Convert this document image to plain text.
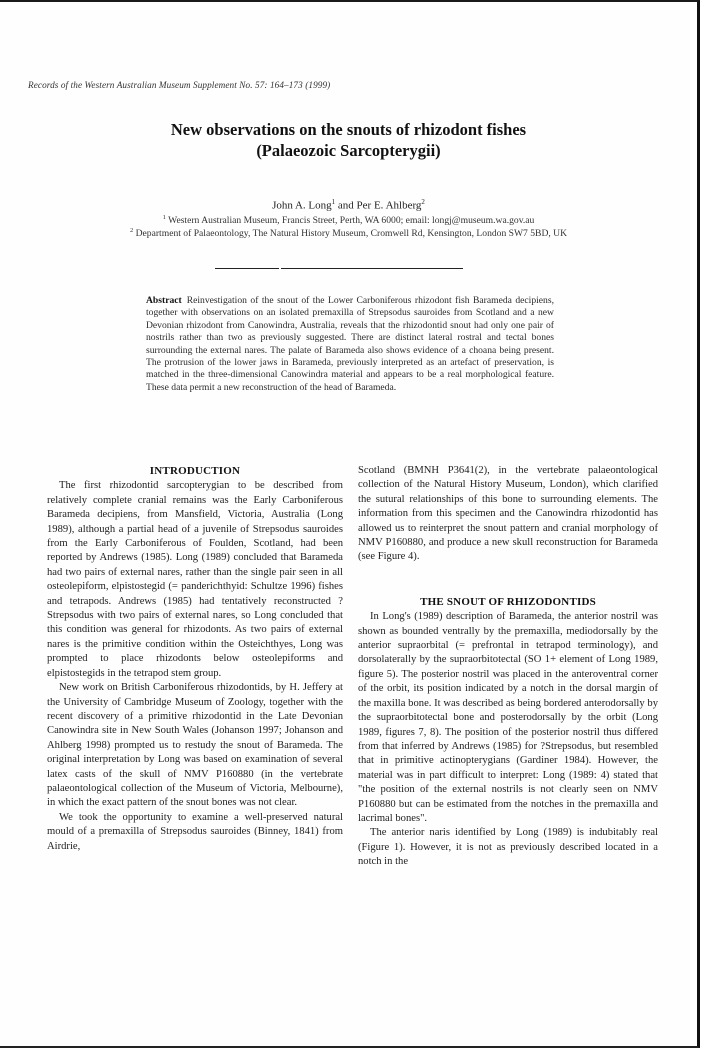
Records of the Western Australian Museum Supplement No. 57: 164–173 (1999)
New observations on the snouts of rhizodont fishes
(Palaeozoic Sarcopterygii)
John A. Long$^1$ and Per E. Ahlberg$^2$
$^1$ Western Australian Museum, Francis Street, Perth, WA 6000; email: longj@museum.wa.gov.au
$^2$ Department of Palaeontology, The Natural History Museum, Cromwell Rd, Kensington, London SW7 5BD, UK
Abstract Reinvestigation of the snout of the Lower Carboniferous rhizodont fish Barameda decipiens, together with observations on an isolated premaxilla of Strepsodus sauroides from Scotland and a new Devonian rhizodont from Canowindra, Australia, reveals that the rhizodontid snout had only one pair of nostrils rather than two as previously suggested. There are distinct lateral rostral and tectal bones surrounding the external nares. The palate of Barameda also shows evidence of a choana being present. The protrusion of the lower jaws in Barameda, previously interpreted as an artefact of preservation, is matched in the three-dimensional Canowindra material and appears to be a real morphological feature. These data permit a new reconstruction of the head of Barameda.
INTRODUCTION

The first rhizodontid sarcopterygian to be described from relatively complete cranial remains was the Early Carboniferous Barameda decipiens, from Mansfield, Victoria, Australia (Long 1989), although a partial head of a juvenile of Strepsodus sauroides from the Early Carboniferous of Foulden, Scotland, had been reported by Andrews (1985). Long (1989) concluded that Barameda had two pairs of external nares, rather than the single pair seen in all osteolepiform, elpistostegid (= panderichthyid: Schultze 1996) fishes and tetrapods. Andrews (1985) had tentatively reconstructed ?Strepsodus with two pairs of external nares, so Long concluded that this condition was general for rhizodonts. As two pairs of external nares is the primitive condition within the Osteichthyes, Long was prompted to place rhizodonts below osteolepiforms and elpistostegids in the tetrapod stem group.

New work on British Carboniferous rhizodontids, by H. Jeffery at the University of Cambridge Museum of Zoology, together with the recent discovery of a primitive rhizodontid in the Late Devonian Canowindra site in New South Wales (Johanson 1997; Johanson and Ahlberg 1998) prompted us to restudy the snout of Barameda. The original interpretation by Long was based on examination of several latex casts of the skull of NMV P160880 (in the vertebrate palaeontological collection of the Museum of Victoria, Melbourne), in which the exact pattern of the snout bones was not clear.

We took the opportunity to examine a well-preserved natural mould of a premaxilla of Strepsodus sauroides (Binney, 1841) from Airdrie,

Scotland (BMNH P3641(2), in the vertebrate palaeontological collection of the Natural History Museum, London), which clarified the sutural relationships of this bone to surrounding elements. The information from this specimen and the Canowindra rhizodontid has allowed us to reinterpret the snout pattern and cranial morphology of NMV P160880, and produce a new skull reconstruction for Barameda (see Figure 4).

THE SNOUT OF RHIZODONTIDS

In Long's (1989) description of Barameda, the anterior nostril was shown as bounded ventrally by the premaxilla, mediodorsally by the anterior supraorbital (= prefrontal in tetrapod terminology), and dorsolaterally by the supraorbitotectal (SO 1+ element of Long 1989, figure 5). The posterior nostril was placed in the anteroventral corner of the orbit, its position indicated by a notch in the dorsal margin of the maxilla bone. It was described as being bordered anterodorsally by the supraorbitotectal bone and posterodorsally by the orbit (Long 1989, figures 7, 8). The position of the posterior nostril thus differed from that inferred by Andrews (1985) for ?Strepsodus, but resembled that in primitive actinopterygians (Gardiner 1984). However, the material was in part difficult to interpret: Long (1989: 4) stated that "the position of the external nostrils is not clearly seen on NMV P160880 but can be estimated from the notches in the premaxilla and lacrimal bones".

The anterior naris identified by Long (1989) is indubitably real (Figure 1). However, it is not as previously described located in a notch in the
